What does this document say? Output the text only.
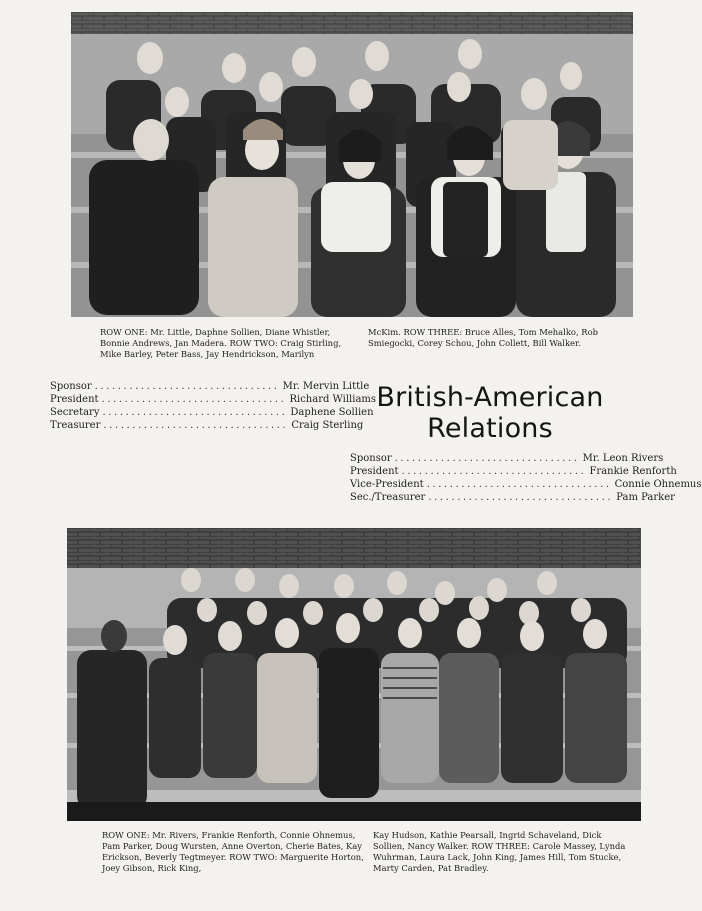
ROW ONE: Mr. Little, Daphne Sollien, Diane Whistler, Bonnie Andrews, Jan Madera. ROW TWO: Craig Stirling, Mike Barley, Peter Bass, Jay Hendrickson, Marilyn

McKim. ROW THREE: Bruce Alles, Tom Mehalko, Rob Smiegocki, Corey Schou, John Collett, Bill Walker.

Sponsor ................................ Mr. Mervin Little
President ................................ Richard Williams
Secretary ................................ Daphene Sollien
Treasurer ................................ Craig Sterling
British-American
Relations
Sponsor ................................ Mr. Leon Rivers
President ................................ Frankie Renforth
Vice-President ................................ Connie Ohnemus
Sec./Treasurer ................................ Pam Parker

ROW ONE: Mr. Rivers, Frankie Renforth, Connie Ohnemus, Pam Parker, Doug Wursten, Anne Overton, Cherie Bates, Kay Erickson, Beverly Tegtmeyer. ROW TWO: Marguerite Horton, Joey Gibson, Rick King,

Kay Hudson, Kathie Pearsall, Ingrid Schaveland, Dick Sollien, Nancy Walker. ROW THREE: Carole Massey, Lynda Wuhrman, Laura Lack, John King, James Hill, Tom Stucke, Marty Carden, Pat Bradley.
